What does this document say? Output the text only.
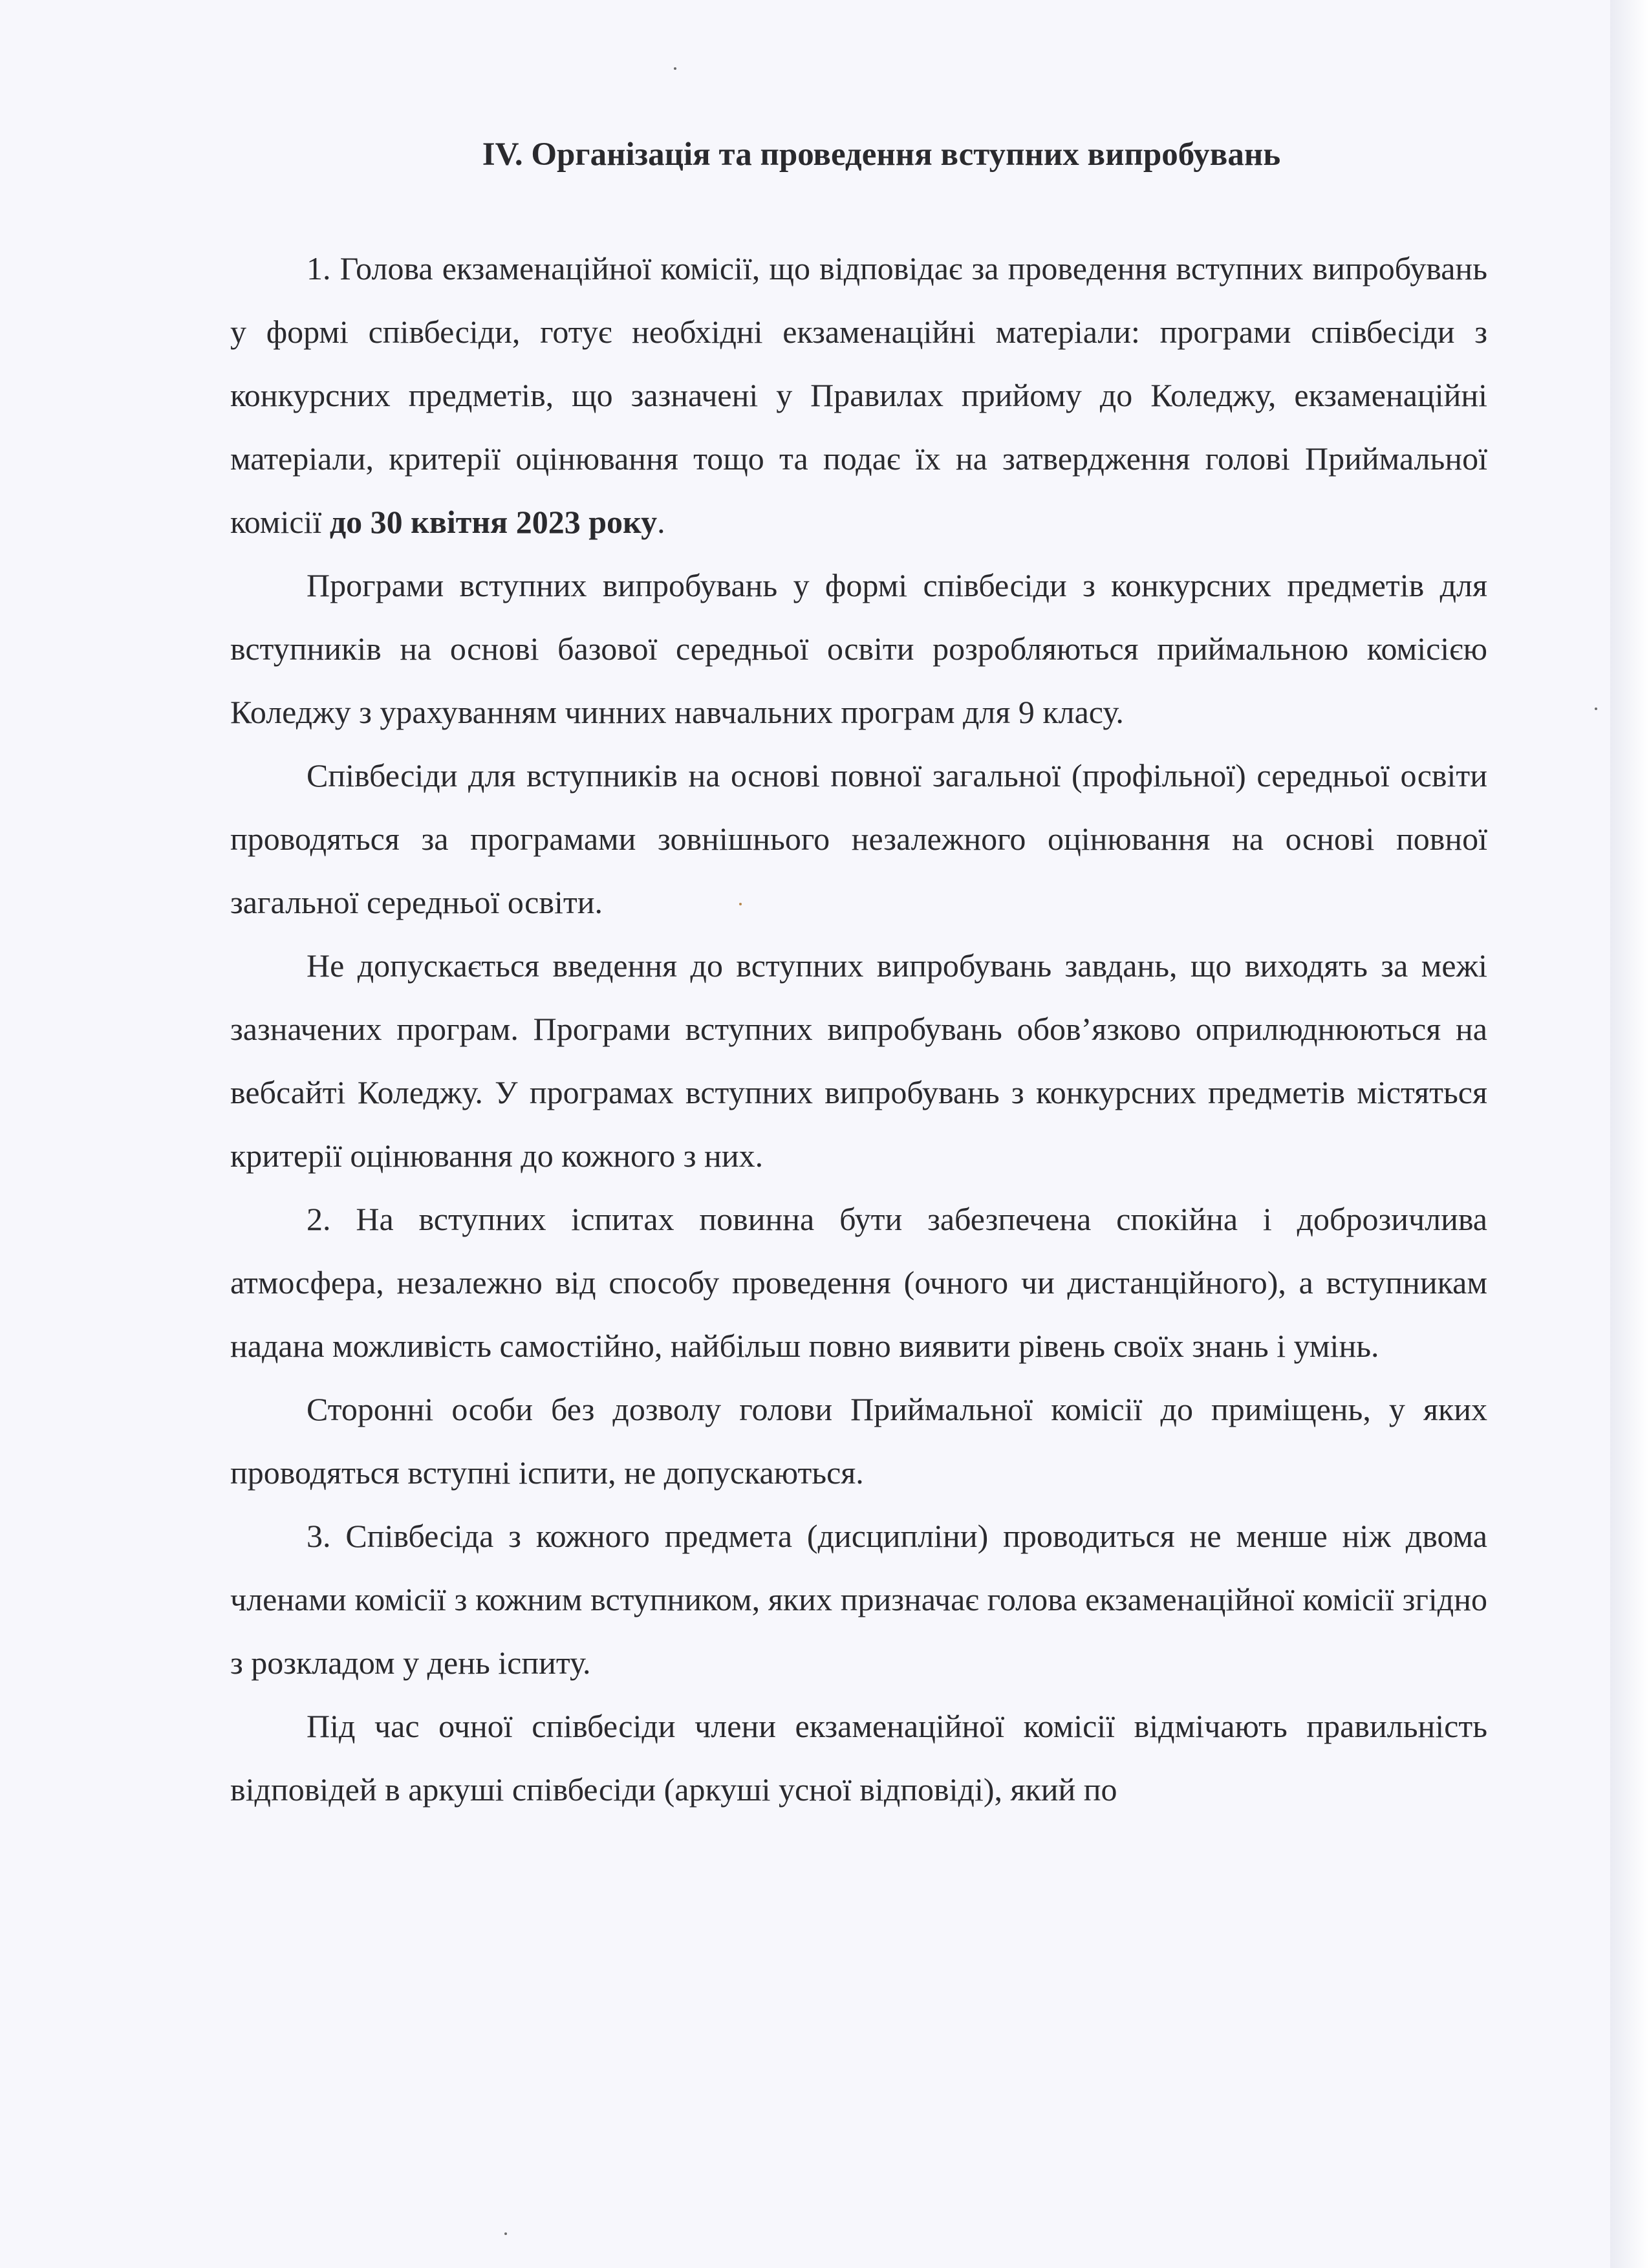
IV. Організація та проведення вступних випробувань

1. Голова екзаменаційної комісії, що відповідає за проведення вступних випробувань у формі співбесіди, готує необхідні екзаменаційні матеріали: програми співбесіди з конкурсних предметів, що зазначені у Правилах прийому до Коледжу, екзаменаційні матеріали, критерії оцінювання тощо та подає їх на затвердження голові Приймальної комісії до 30 квітня 2023 року.

Програми вступних випробувань у формі співбесіди з конкурсних предметів для вступників на основі базової середньої освіти розробляються приймальною комісією Коледжу з урахуванням чинних навчальних програм для 9 класу.

Співбесіди для вступників на основі повної загальної (профільної) середньої освіти проводяться за програмами зовнішнього незалежного оцінювання на основі повної загальної середньої освіти.

Не допускається введення до вступних випробувань завдань, що виходять за межі зазначених програм. Програми вступних випробувань обов’язково оприлюднюються на вебсайті Коледжу. У програмах вступних випробувань з конкурсних предметів містяться критерії оцінювання до кожного з них.

2. На вступних іспитах повинна бути забезпечена спокійна і доброзичлива атмосфера, незалежно від способу проведення (очного чи дистанційного), а вступникам надана можливість самостійно, найбільш повно виявити рівень своїх знань і умінь.

Сторонні особи без дозволу голови Приймальної комісії до приміщень, у яких проводяться вступні іспити, не допускаються.

3. Співбесіда з кожного предмета (дисципліни) проводиться не менше ніж двома членами комісії з кожним вступником, яких призначає голова екзаменаційної комісії згідно з розкладом у день іспиту.

Під час очної співбесіди члени екзаменаційної комісії відмічають правильність відповідей в аркуші співбесіди (аркуші усної відповіді), який по
